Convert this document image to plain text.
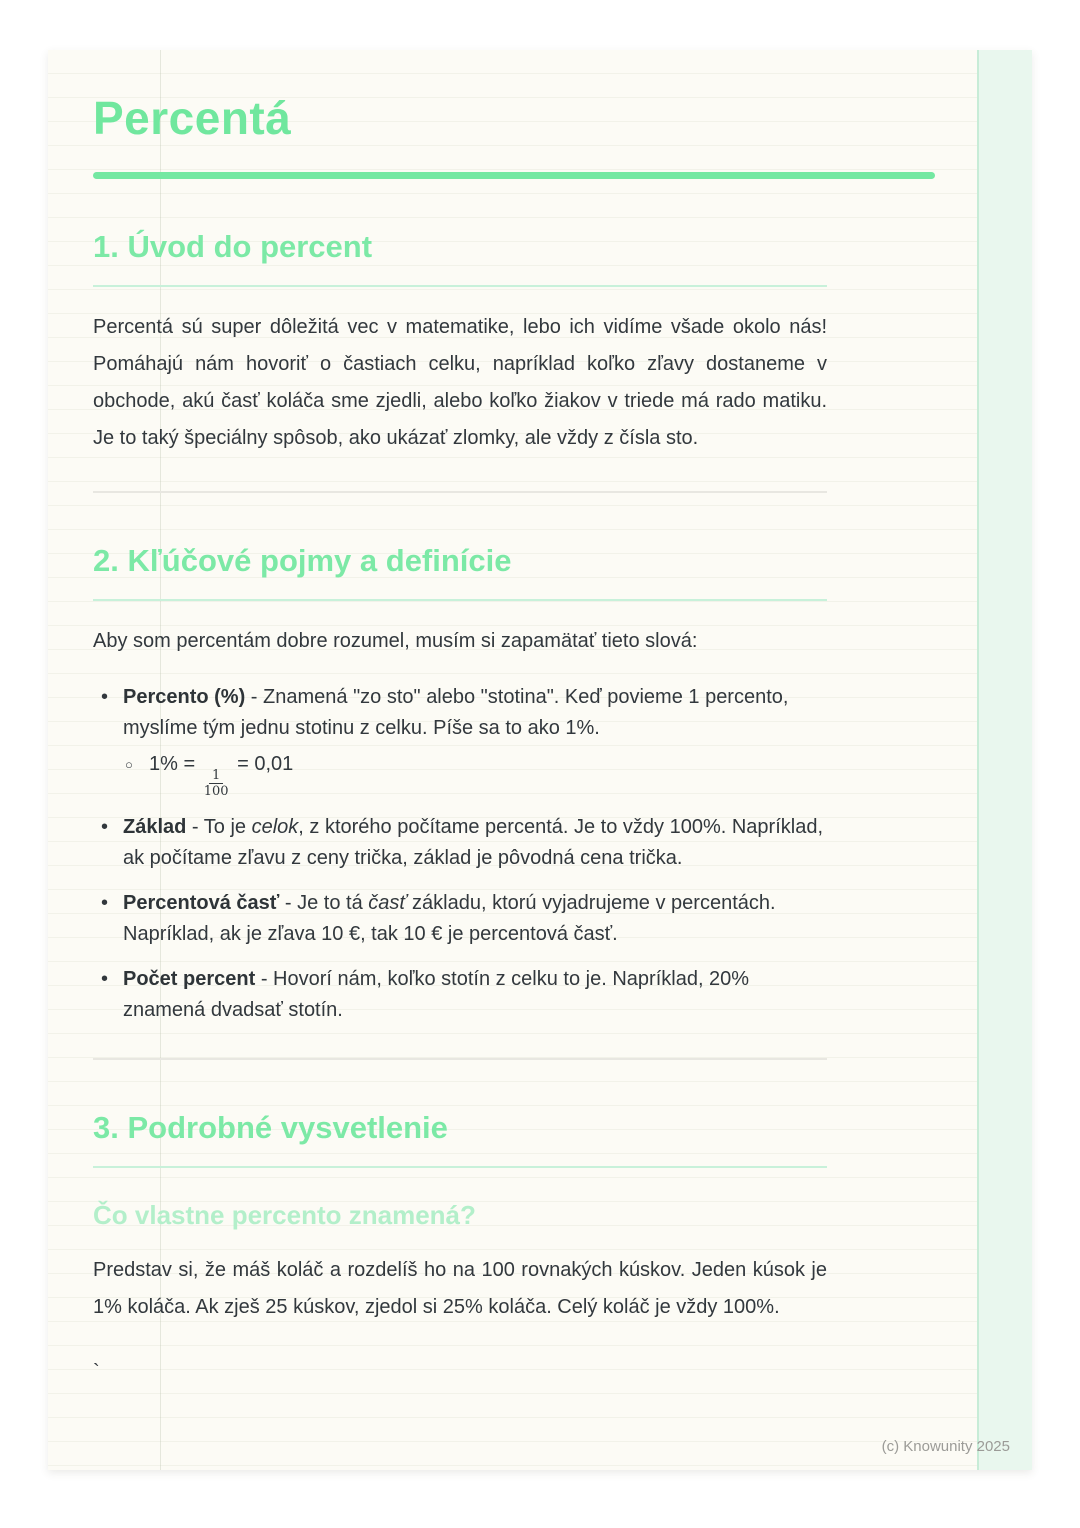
Percentá
1. Úvod do percent

Percentá sú super dôležitá vec v matematike, lebo ich vidíme všade okolo nás! Pomáhajú nám hovoriť o častiach celku, napríklad koľko zľavy dostaneme v obchode, akú časť koláča sme zjedli, alebo koľko žiakov v triede má rado matiku. Je to taký špeciálny spôsob, ako ukázať zlomky, ale vždy z čísla sto.

2. Kľúčové pojmy a definície

Aby som percentám dobre rozumel, musím si zapamätať tieto slová:

• Percento (%) - Znamená "zo sto" alebo "stotina". Keď povieme 1 percento, myslíme tým jednu stotinu z celku. Píše sa to ako 1%.
○ 1% =
$\frac{1}{100}$
= 0,01
• Základ - To je celok, z ktorého počítame percentá. Je to vždy 100%. Napríklad, ak počítame zľavu z ceny trička, základ je pôvodná cena trička.
• Percentová časť - Je to tá časť základu, ktorú vyjadrujeme v percentách. Napríklad, ak je zľava 10 €, tak 10 € je percentová časť.
• Počet percent - Hovorí nám, koľko stotín z celku to je. Napríklad, 20% znamená dvadsať stotín.
3. Podrobné vysvetlenie
Čo vlastne percento znamená?

Predstav si, že máš koláč a rozdelíš ho na 100 rovnakých kúskov. Jeden kúsok je 1% koláča. Ak zješ 25 kúskov, zjedol si 25% koláča. Celý koláč je vždy 100%.

`

(c) Knowunity 2025
